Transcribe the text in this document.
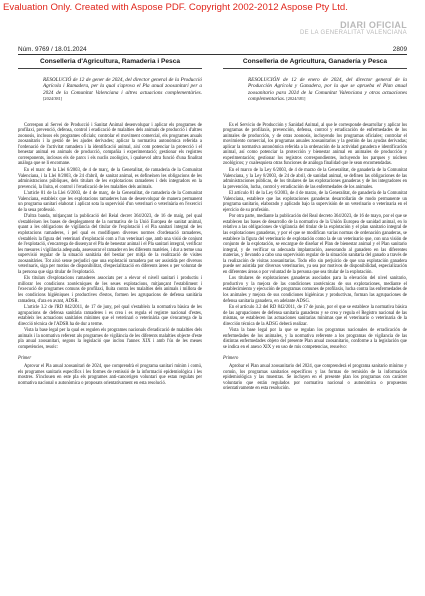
Evaluation Only. Created with Aspose PDF. Copyright 2002-2012 Aspose Pty Ltd.
DIARI OFICIAL
DE LA GENERALITAT VALENCIANA
Núm. 9769 / 18.01.2024	2809
Conselleria d'Agricultura, Ramaderia i Pesca
RESOLUCIÓ de 12 de gener de 2024, del director general de la Producció Agrícola i Ramadera, per la qual s'aprova el Pla anual zoosanitari per a 2024 de la Comunitat Valenciana i altres actuacions complementàries. [2024/381]

Correspon al Servei de Producció i Sanitat Animal desenvolupar i aplicar els programes de profilaxi, prevenció, defensa, control i eradicació de malalties dels animals de producció i d'altres zoonosis, inclosos els programes oficials; controlar el moviment comercial, els programes anuals zoosanitaris i la gestió de les ajudes derivades; aplicar la normativa autonòmica referida a l'ordenació de l'activitat ramadera i la identificació animal, així com potenciar la protecció i el benestar animal en animals de producció, compaňia i experimentació; gestionar els registres corresponents, inclosos els de parcs i els nuclis zoològics, i qualsevol altra funció d'una finalitat anàloga que se li encomane.

En el marc de la Llei 6/2003, de 4 de març, de la Generalitat, de ramaderia de la Comunitat Valenciana, i la Llei 8/2003, de 24 d'abril, de sanitat animal, es defineixen les obligacions de les administracions públiques, dels titulars de les explotacions ramaderes i dels integradors en la prevenció, la lluita, el control i l'eradicació de les malalties dels animals.

L'article 81 de la Llei 6/2003, de 4 de març, de la Generalitat, de ramaderia de la Comunitat Valenciana, estableix que les explotacions ramaderes han de desenvolupar de manera permanent un programa sanitari elaborat i aplicat sota la supervisió d'un veterinari o veterinària en l'exercici de la seua professió.

D'altra banda, mitjançant la publicació del Reial decret 364/2023, de 16 de maig, pel qual s'estableixen les bases de desplegament de la normativa de la Unió Europea de sanitat animal, quant a les obligacions de vigilància del titular de l'explotació i el Pla sanitari integral de les explotacions ramaderes, i pel qual es modifiquen diverses normes d'ordenació ramaderes, s'estableix la figura del veterinari d'explotació com a l'un veterinari que, amb una visió de conjunt de l'explotació, s'encarrega de dissenyar el Pla de benestar animal i el Pla sanitari integral, verificar les mesures i vigilància adequada, assessorar el ramader en les diferents matèries, i dur a terme una supervisió regular de la situació sanitària del bestiar per mitjà de la realització de visites zoosanitàries. Tot això sense perjudici que una explotació ramadera pot ser assistida per diversos veterinaris, siga per motius de disponibilitat, d'especialització en diferents àrees o per voluntat de la persona que siga titular de l'explotació.

Els titulars d'explotacions ramaderes associats per a elevar el nivell sanitari i productiu i millorar les condicions zootècniques de les seues explotacions, mitjançant l'establiment i l'execució de programes comuns de profilaxi, lluita contra les malalties dels animals i millora de les condicions higièniques i productives d'estos, formen les agrupacions de defensa sanitària ramadera, d'ara en avant, ADSR.

L'article 3.2 de l'RD 842/2011, de 17 de juny, pel qual s'estableix la normativa bàsica de les agrupacions de defensa sanitària ramaderes i es crea i es regula el registre nacional d'estes, estableix les actuacions sanitàries mínimes que el veterinari o veterinària que s'encarrega de la direcció tècnica de l'ADSR ha de dur a terme.

Vista la base legal per la qual es regulen els programes nacionals d'eradicació de malalties dels animals i la normativa referent als programes de vigilància de les diferents malalties objecte d'este pla anual zoosanitari, segons la legislació que inclou l'annex XIX i amb l'ús de les meues competències, resolc:

Primer

Aprovar el Pla anual zoosanitari de 2024, que comprendrà el programa sanitari mínim i comú, els programes sanitaris específics i les formes de remissió de la informació epidemiològica i les mostres. S'inclouen en este pla els programes anti-cancerigen voluntari que estan regulats per normativa nacional o autonòmica o proposats orientativament en esta resolució.

Conselleria de Agricultura, Ganadería y Pesca
RESOLUCIÓN de 12 de enero de 2024, del director general de la Producción Agrícola y Ganadera, por la que se aprueba el Plan anual zoosanitario para 2024 de la Comunitat Valenciana y otras actuaciones complementarias. [2024/381]

Es el Servicio de Producción y Sanidad Animal, al que le corresponde desarrollar y aplicar los programas de profilaxis, prevención, defensa, control y erradicación de enfermedades de los animales de producción, y de otras zoonosis, incluyendo los programas oficiales; controlar el movimiento comercial, los programas anuales zoosanitarios y la gestión de las ayudas derivadas; aplicar la normativa autonómica referida a la ordenación de la actividad ganadera e identificación animal, así como potenciar la protección y bienestar animal en animales de producción y experimentación; gestionar los registros correspondientes, incluyendo los parques y núcleos zoológicos; y cualesquiera otras funciones de análoga finalidad que le sean encomendadas.

En el marco de la Ley 6/2003, de 4 de marzo de la Generalitat, de ganadería de la Comunitat Valenciana, y la Ley 8/2003, de 24 de abril, de sanidad animal, se definen las obligaciones de las administraciones públicas, de los titulares de las explotaciones ganaderas y de los integradores en la prevención, lucha, control y erradicación de las enfermedades de los animales.

El artículo 81 de la Ley 6/2003, de 4 de marzo, de la Generalitat, de ganadería de la Comunitat Valenciana, establece que las explotaciones ganaderas desarrollarán de modo permanente un programa sanitario, elaborado y aplicado bajo la supervisión de un veterinario o veterinaria en el ejercicio de su profesión.

Por otra parte, mediante la publicación del Real decreto 364/2023, de 16 de mayo, por el que se establecen las bases de desarrollo de la normativa de la Unión Europea de sanidad animal, en lo relativo a las obligaciones de vigilancia del titular de la explotación y el plan sanitario integral de las explotaciones ganaderas, y por el que se modifican varias normas de ordenación ganaderas, se establece la figura del veterinario de explotación como la de un veterinario que, con una visión de conjunto de la explotación, se encargue de diseñar el Plan de bienestar animal y el Plan sanitario integral, y de verificar su adecuada implantación, asesorando al ganadero en las diferentes materias, y llevando a cabo una supervisión regular de la situación sanitaria del ganado a través de la realización de visitas zoosanitarias. Todo ello sin perjuicio de que una explotación ganadera puede ser asistida por diversos veterinarios, ya sea por motivos de disponibilidad, especialización en diferentes áreas o por voluntad de la persona que sea titular de la explotación.

Los titulares de explotaciones ganaderas asociados para la elevación del nivel sanitario, productivo y la mejora de las condiciones zootécnicas de sus explotaciones, mediante el establecimiento y ejecución de programas comunes de profilaxis, lucha contra las enfermedades de los animales y mejora de sus condiciones higiénicas y productivas, forman las agrupaciones de defensa sanitaria ganadera, en adelante ADSG.

En el artículo 3.2 del RD 842/2011, de 17 de junio, por el que se establece la normativa básica de las agrupaciones de defensa sanitaria ganaderas y se crea y regula el Registro nacional de las mismas, se establecen las actuaciones sanitarias mínimas que el veterinario o veterinaria de la dirección técnica de la ADSG deberá realizar.

Vista la base legal por la que se regulan los programas nacionales de erradicación de enfermedades de los animales, y la normativa referente a los programas de vigilancia de las distintas enfermedades objeto del presente Plan anual zoosanitario, conforme a la legislación que se indica en el anexo XIX y en uso de mis competencias, resuelvo:

Primero

Aprobar el Plan anual zoosanitario del 2024, que comprenderá el programa sanitario mínimo y común, los programas sanitarios específicos y las formas de remisión de la información epidemiológica y las muestras. Se incluyen en el presente plan los programas con carácter voluntario que están regulados por normativa nacional o autonómica o propuestos orientativamente en esta resolución.
